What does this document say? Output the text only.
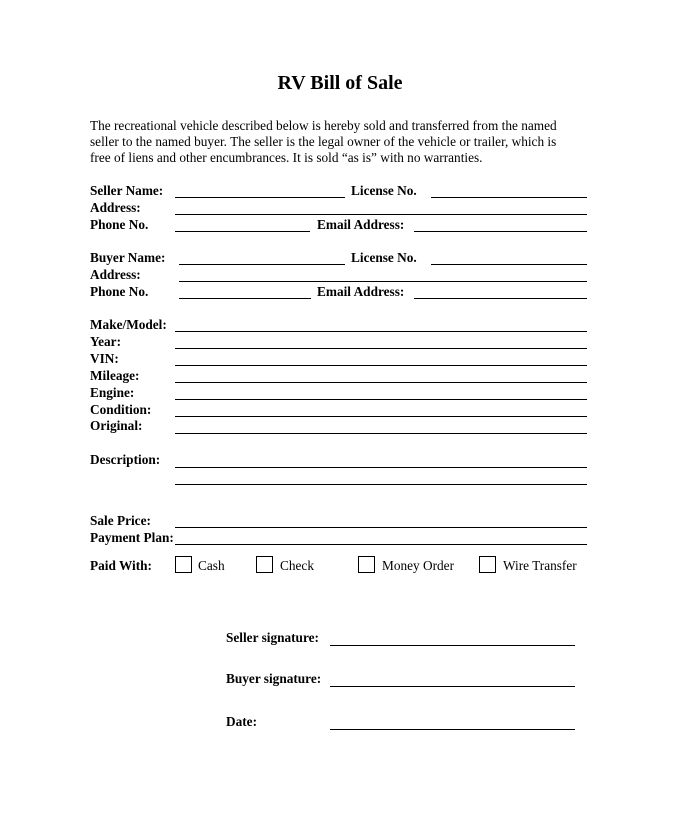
RV Bill of Sale
The recreational vehicle described below is hereby sold and transferred from the named
seller to the named buyer. The seller is the legal owner of the vehicle or trailer, which is
free of liens and other encumbrances. It is sold “as is” with no warranties.
Seller Name:	License No.
Address:
Phone No.	Email Address:
Buyer Name:	License No.
Address:
Phone No.	Email Address:
Make/Model:
Year:
VIN:
Mileage:
Engine:
Condition:
Original:
Description:
Sale Price:
Payment Plan:
Paid With:	Cash	Check	Money Order	Wire Transfer
Seller signature:
Buyer signature:
Date:
